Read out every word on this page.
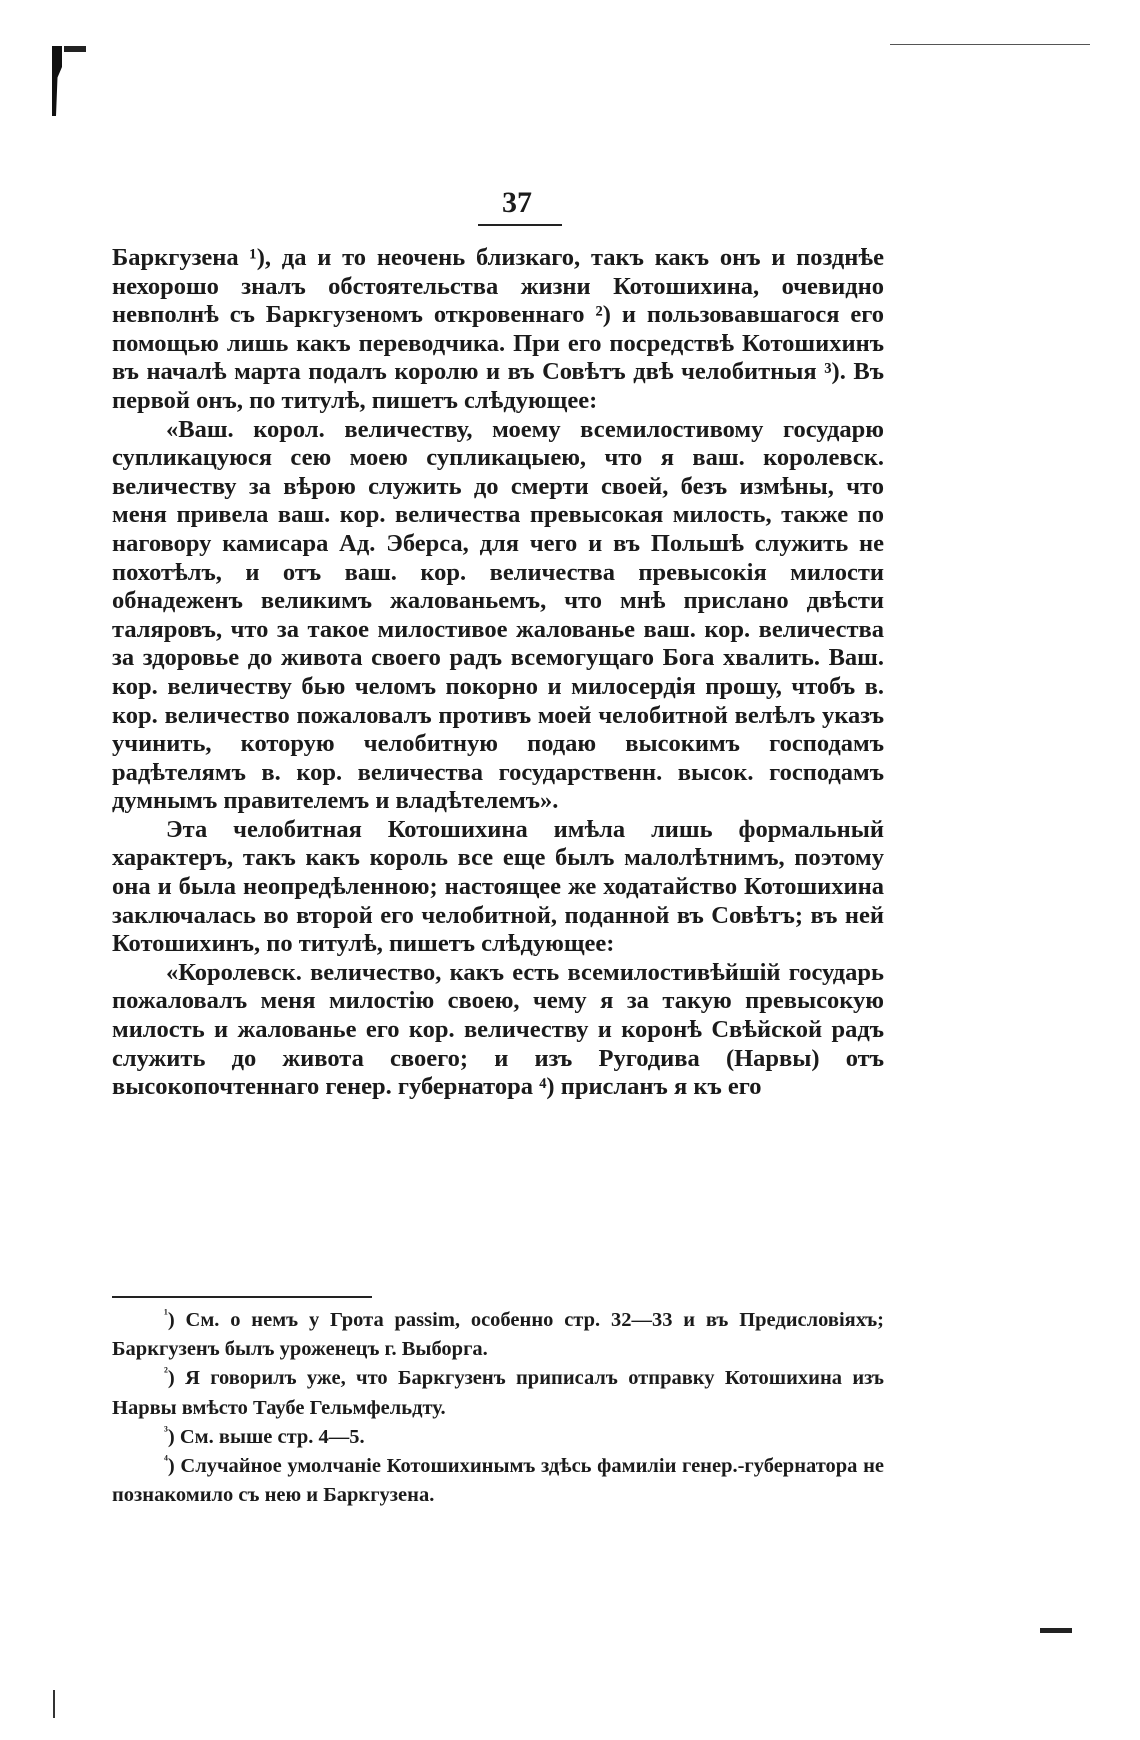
37

Баркгузена ¹), да и то неочень близкаго, такъ какъ онъ и позднѣе нехорошо зналъ обстоятельства жизни Котошихина, очевидно невполнѣ съ Баркгузеномъ откровеннаго ²) и пользовавшагося его помощью лишь какъ переводчика. При его посредствѣ Котошихинъ въ началѣ марта подалъ королю и въ Совѣтъ двѣ челобитныя ³). Въ первой онъ, по титулѣ, пишетъ слѣдующее:

«Ваш. корол. величеству, моему всемилостивому государю супликацуюся сею моею супликацыею, что я ваш. королевск. величеству за вѣрою служить до смерти своей, безъ измѣны, что меня привела ваш. кор. величества превысокая милость, также по наговору камисара Ад. Эберса, для чего и въ Польшѣ служить не похотѣлъ, и отъ ваш. кор. величества превысокія милости обнадеженъ великимъ жалованьемъ, что мнѣ прислано двѣсти таляровъ, что за такое милостивое жалованье ваш. кор. величества за здоровье до живота своего радъ всемогущаго Бога хвалить. Ваш. кор. величеству бью челомъ покорно и милосердія прошу, чтобъ в. кор. величество пожаловалъ противъ моей челобитной велѣлъ указъ учинить, которую челобитную подаю высокимъ господамъ радѣтелямъ в. кор. величества государственн. высок. господамъ думнымъ правителемъ и владѣтелемъ».

Эта челобитная Котошихина имѣла лишь формальный характеръ, такъ какъ король все еще былъ малолѣтнимъ, поэтому она и была неопредѣленною; настоящее же ходатайство Котошихина заключалась во второй его челобитной, поданной въ Совѣтъ; въ ней Котошихинъ, по титулѣ, пишетъ слѣдующее:

«Королевск. величество, какъ есть всемилостивѣйшій государь пожаловалъ меня милостію своею, чему я за такую превысокую милость и жалованье его кор. величеству и коронѣ Свѣйской радъ служить до живота своего; и изъ Ругодива (Нарвы) отъ высокопочтеннаго генер. губернатора ⁴) присланъ я къ его

$^{^1}$) См. о немъ у Грота passim, особенно стр. 32—33 и въ Предисловіяхъ; Баркгузенъ былъ уроженецъ г. Выборга.

$^{^2}$) Я говорилъ уже, что Баркгузенъ приписалъ отправку Котошихина изъ Нарвы вмѣсто Таубе Гельмфельдту.

$^{^3}$) См. выше стр. 4—5.

$^{^4}$) Случайное умолчаніе Котошихинымъ здѣсь фамиліи генер.-губернатора не познакомило съ нею и Баркгузена.
